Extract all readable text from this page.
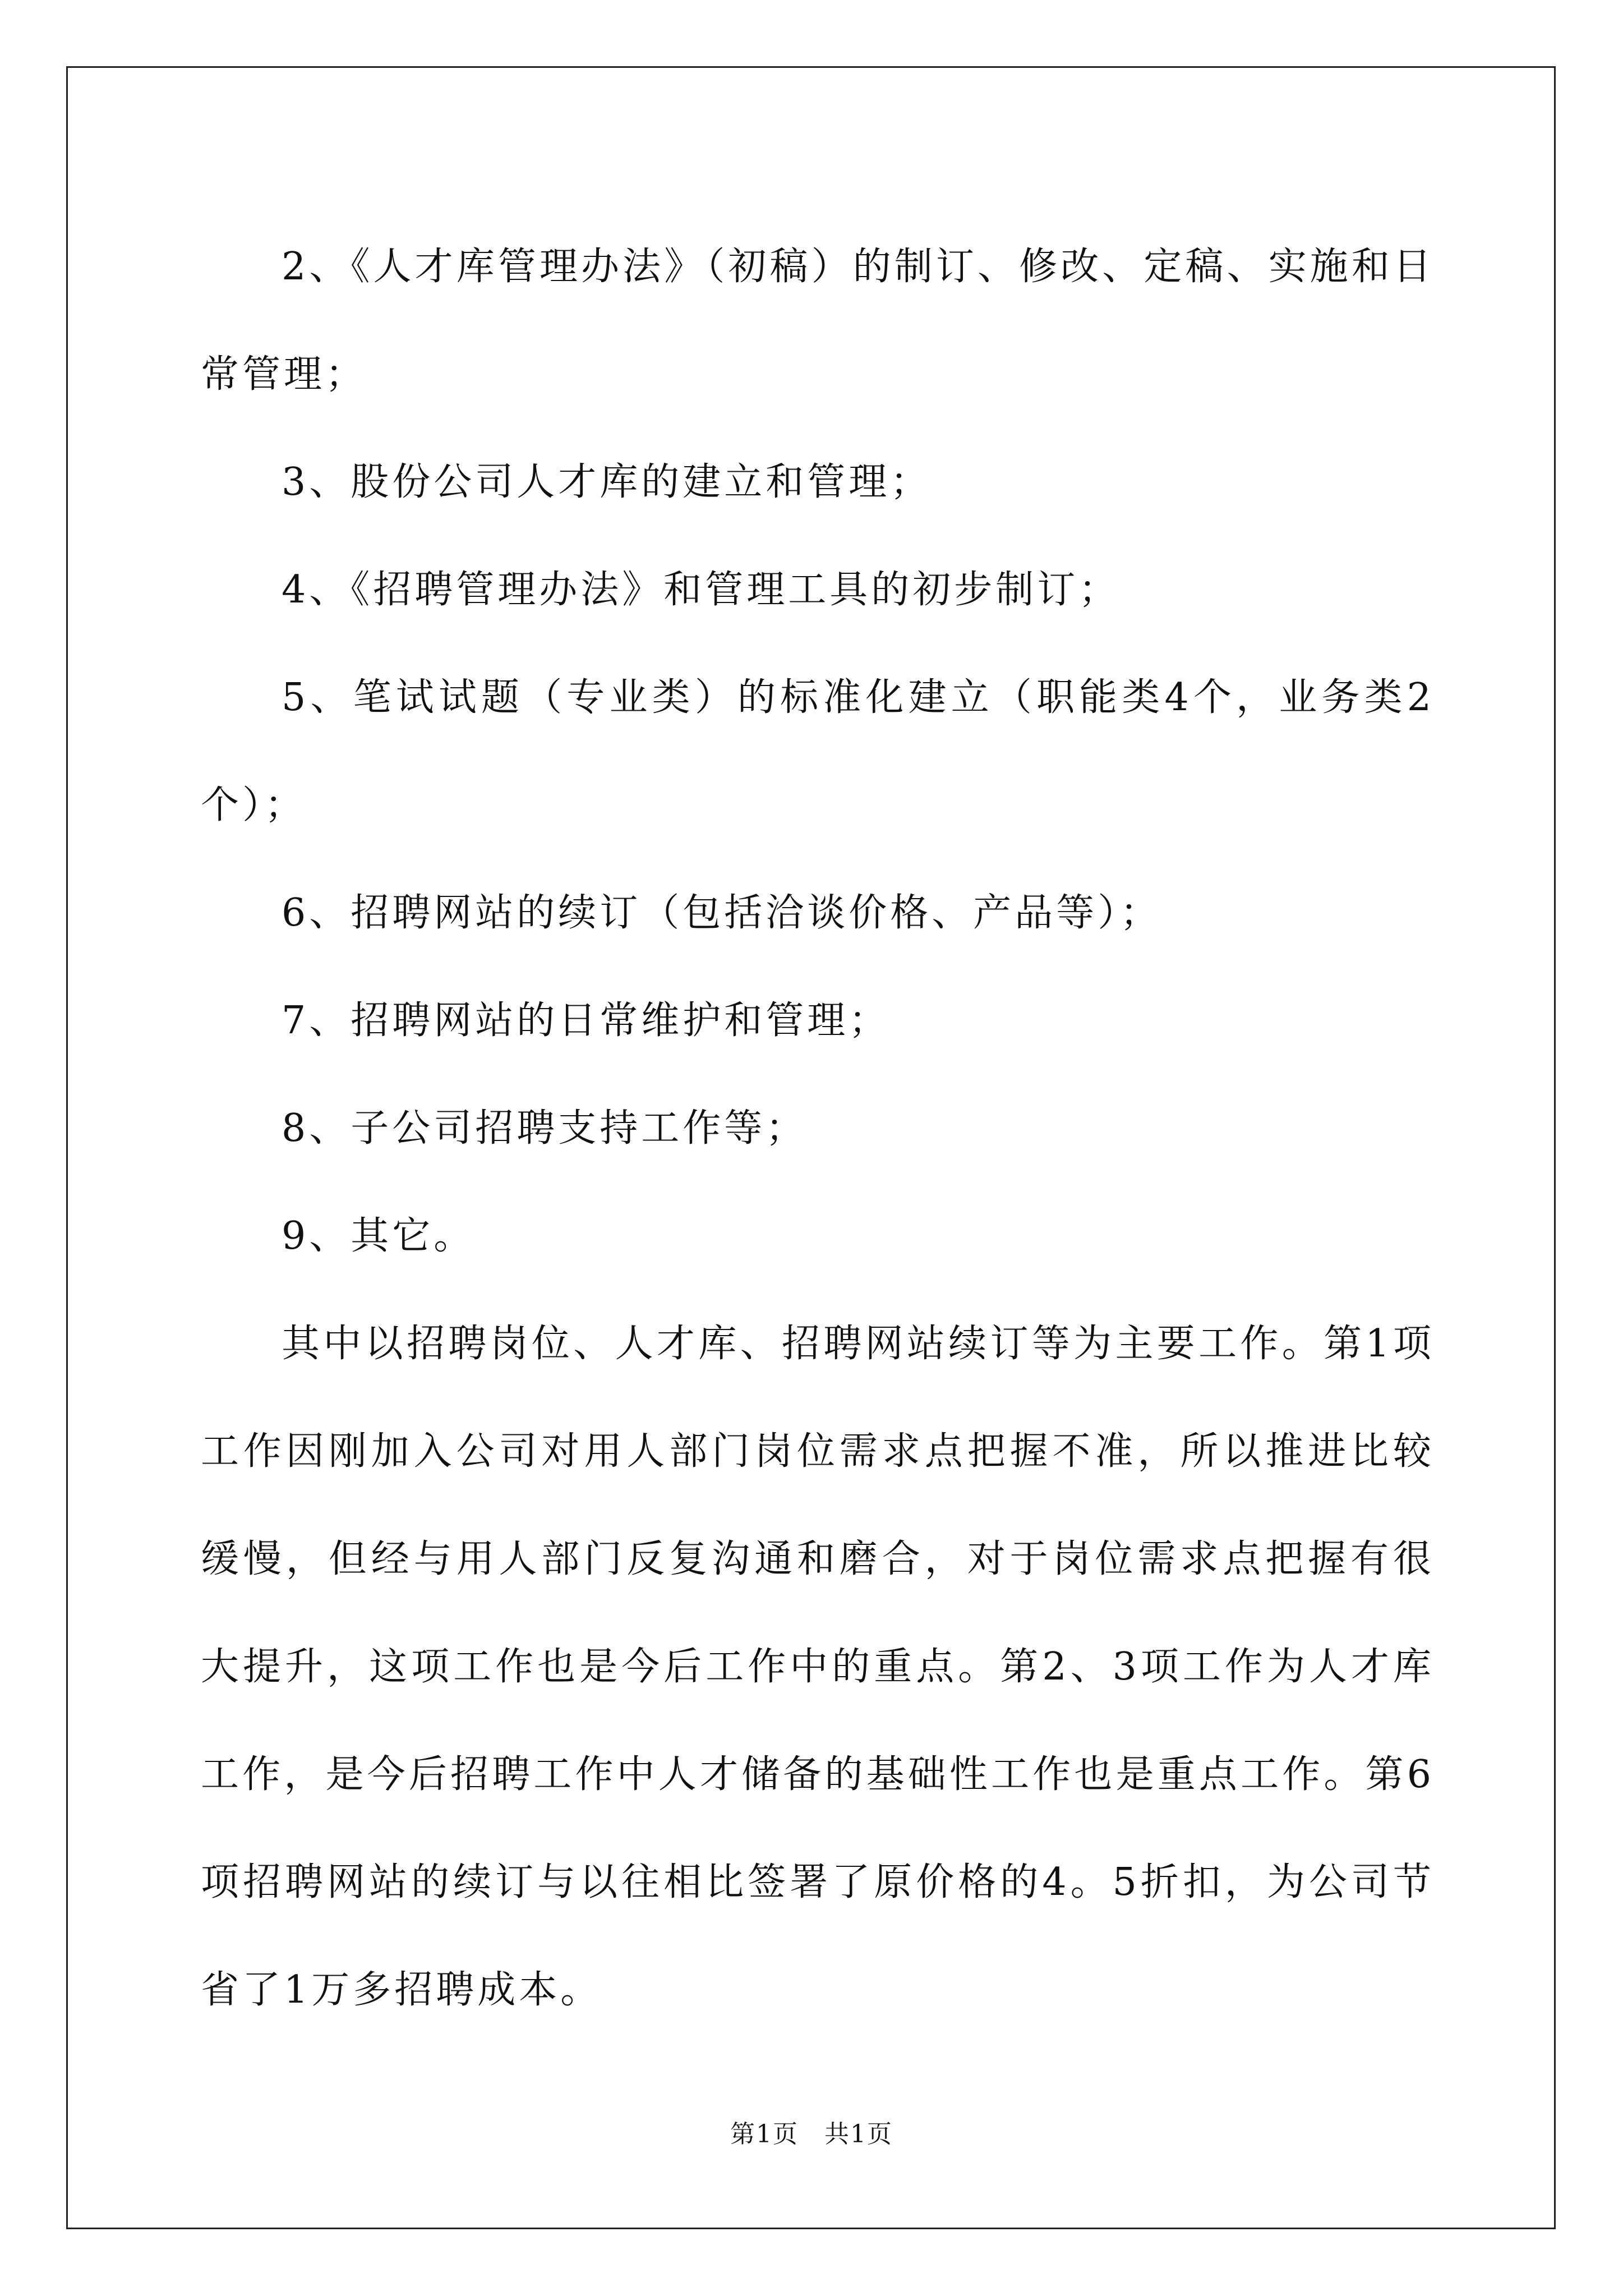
2、《人才库管理办法》（初稿）的制订、修改、定稿、实施和日常管理；

3、股份公司人才库的建立和管理；

4、《招聘管理办法》和管理工具的初步制订；

5、笔试试题（专业类）的标准化建立（职能类4个，业务类2个）；

6、招聘网站的续订（包括洽谈价格、产品等）；

7、招聘网站的日常维护和管理；

8、子公司招聘支持工作等；

9、其它。

其中以招聘岗位、人才库、招聘网站续订等为主要工作。第1项工作因刚加入公司对用人部门岗位需求点把握不准，所以推进比较缓慢，但经与用人部门反复沟通和磨合，对于岗位需求点把握有很大提升，这项工作也是今后工作中的重点。第2、3项工作为人才库工作，是今后招聘工作中人才储备的基础性工作也是重点工作。第6项招聘网站的续订与以往相比签署了原价格的4。5折扣，为公司节省了1万多招聘成本。

第1页　共1页
